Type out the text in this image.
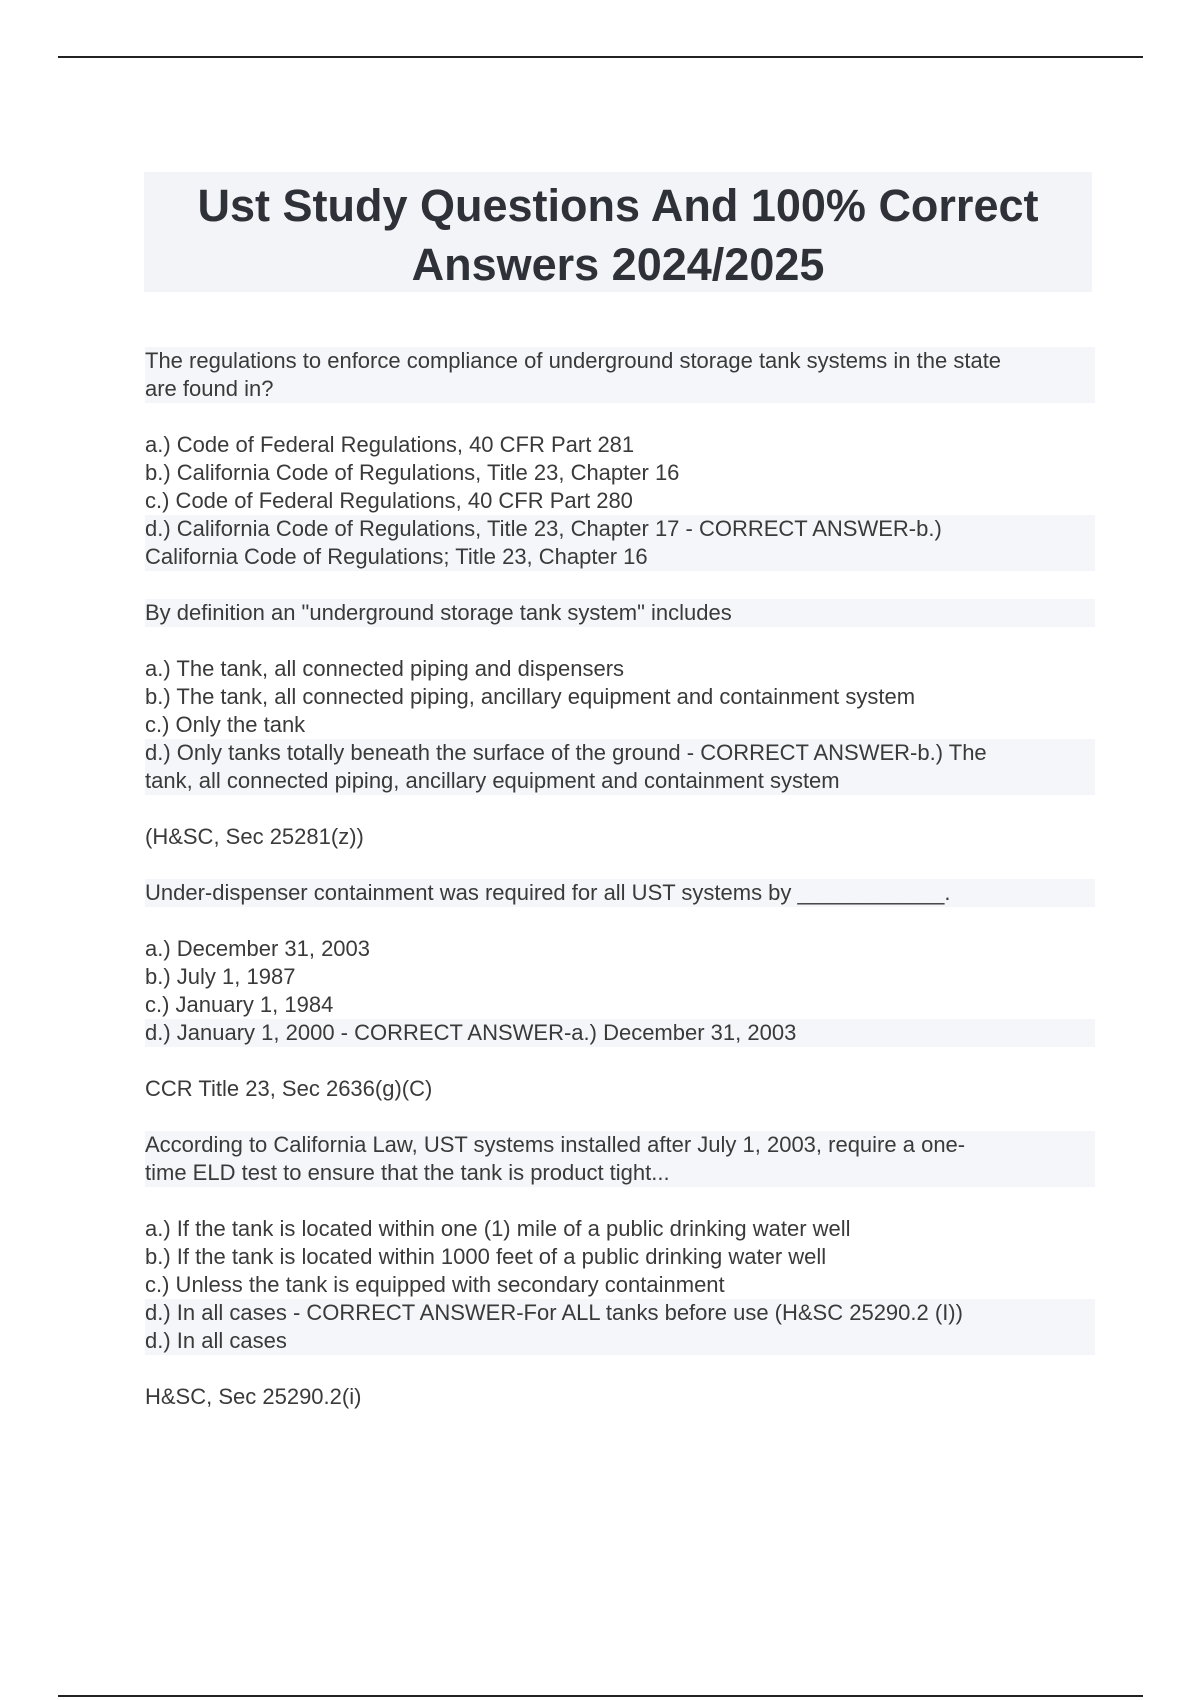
Ust Study Questions And 100% Correct
Answers 2024/2025
The regulations to enforce compliance of underground storage tank systems in the state
are found in?
a.) Code of Federal Regulations, 40 CFR Part 281
b.) California Code of Regulations, Title 23, Chapter 16
c.) Code of Federal Regulations, 40 CFR Part 280
d.) California Code of Regulations, Title 23, Chapter 17 - CORRECT ANSWER-b.)
California Code of Regulations; Title 23, Chapter 16
By definition an "underground storage tank system" includes
a.) The tank, all connected piping and dispensers
b.) The tank, all connected piping, ancillary equipment and containment system
c.) Only the tank
d.) Only tanks totally beneath the surface of the ground - CORRECT ANSWER-b.) The
tank, all connected piping, ancillary equipment and containment system
(H&SC, Sec 25281(z))
Under-dispenser containment was required for all UST systems by ____________.
a.) December 31, 2003
b.) July 1, 1987
c.) January 1, 1984
d.) January 1, 2000 - CORRECT ANSWER-a.) December 31, 2003
CCR Title 23, Sec 2636(g)(C)
According to California Law, UST systems installed after July 1, 2003, require a one-
time ELD test to ensure that the tank is product tight...
a.) If the tank is located within one (1) mile of a public drinking water well
b.) If the tank is located within 1000 feet of a public drinking water well
c.) Unless the tank is equipped with secondary containment
d.) In all cases - CORRECT ANSWER-For ALL tanks before use (H&SC 25290.2 (I))
d.) In all cases
H&SC, Sec 25290.2(i)
